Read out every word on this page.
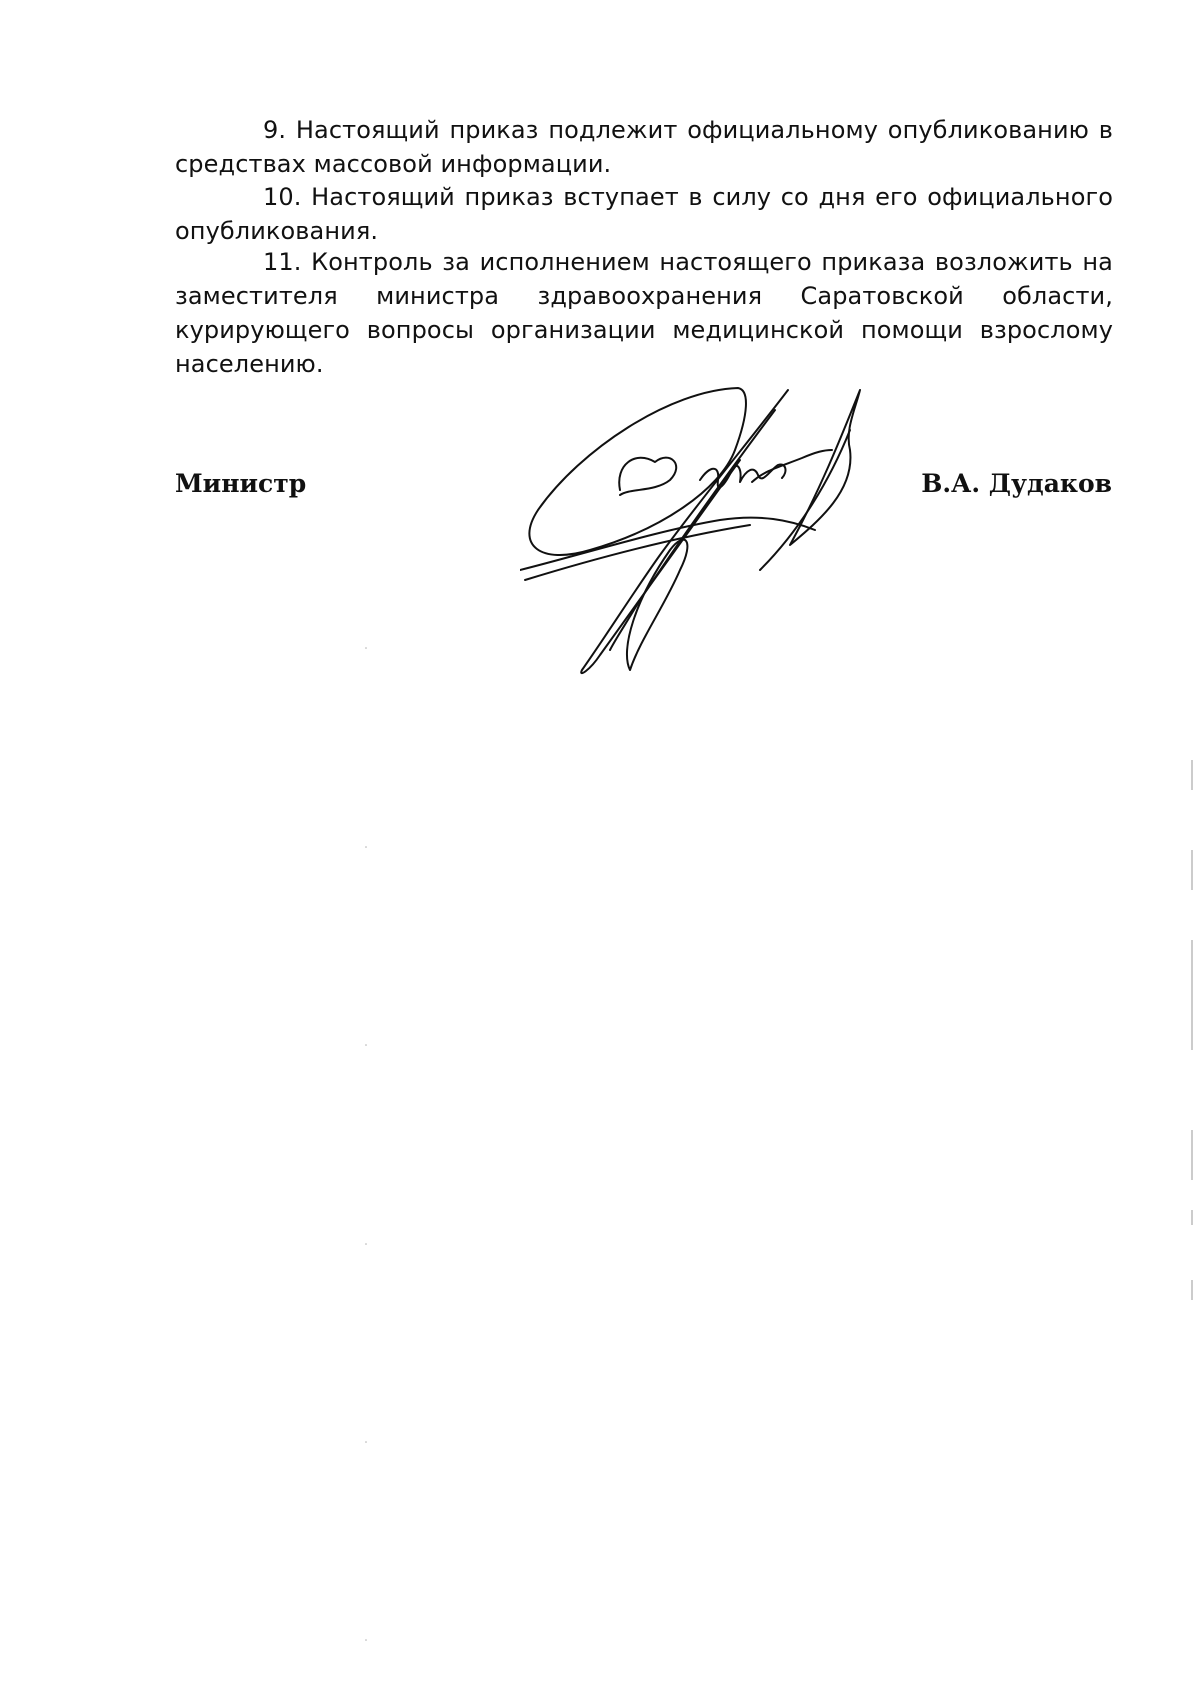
9. Настоящий приказ подлежит официальному опубликованию в средствах массовой информации.

10. Настоящий приказ вступает в силу со дня его официального опубликования.

11. Контроль за исполнением настоящего приказа возложить на заместителя министра здравоохранения Саратовской области, курирующего вопросы организации медицинской помощи взрослому населению.

Министр	В.А. Дудаков
